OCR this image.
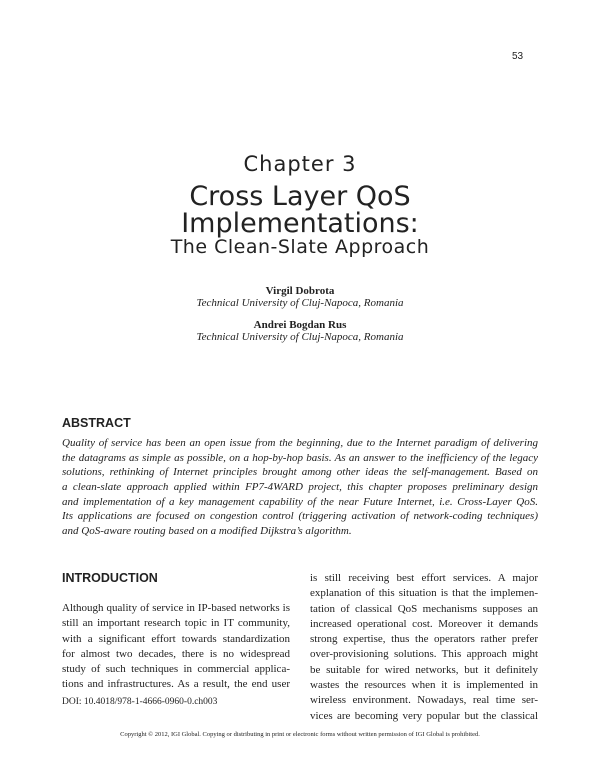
53
Chapter 3
Cross Layer QoS
Implementations:
The Clean-Slate Approach
Virgil Dobrota
Technical University of Cluj-Napoca, Romania
Andrei Bogdan Rus
Technical University of Cluj-Napoca, Romania
ABSTRACT
Quality of service has been an open issue from the beginning, due to the Internet paradigm of delivering
the datagrams as simple as possible, on a hop-by-hop basis. As an answer to the inefficiency of the legacy
solutions, rethinking of Internet principles brought among other ideas the self-management. Based on
a clean-slate approach applied within FP7-4WARD project, this chapter proposes preliminary design
and implementation of a key management capability of the near Future Internet, i.e. Cross-Layer QoS.
Its applications are focused on congestion control (triggering activation of network-coding techniques)
and QoS-aware routing based on a modified Dijkstra’s algorithm.
INTRODUCTION
Although quality of service in IP-based networks is
still an important research topic in IT community,
with a significant effort towards standardization
for almost two decades, there is no widespread
study of such techniques in commercial applica-
tions and infrastructures. As a result, the end user
is still receiving best effort services. A major
explanation of this situation is that the implemen-
tation of classical QoS mechanisms supposes an
increased operational cost. Moreover it demands
strong expertise, thus the operators rather prefer
over-provisioning solutions. This approach might
be suitable for wired networks, but it definitely
wastes the resources when it is implemented in
wireless environment. Nowadays, real time ser-
vices are becoming very popular but the classical
DOI: 10.4018/978-1-4666-0960-0.ch003
Copyright © 2012, IGI Global. Copying or distributing in print or electronic forms without written permission of IGI Global is prohibited.
